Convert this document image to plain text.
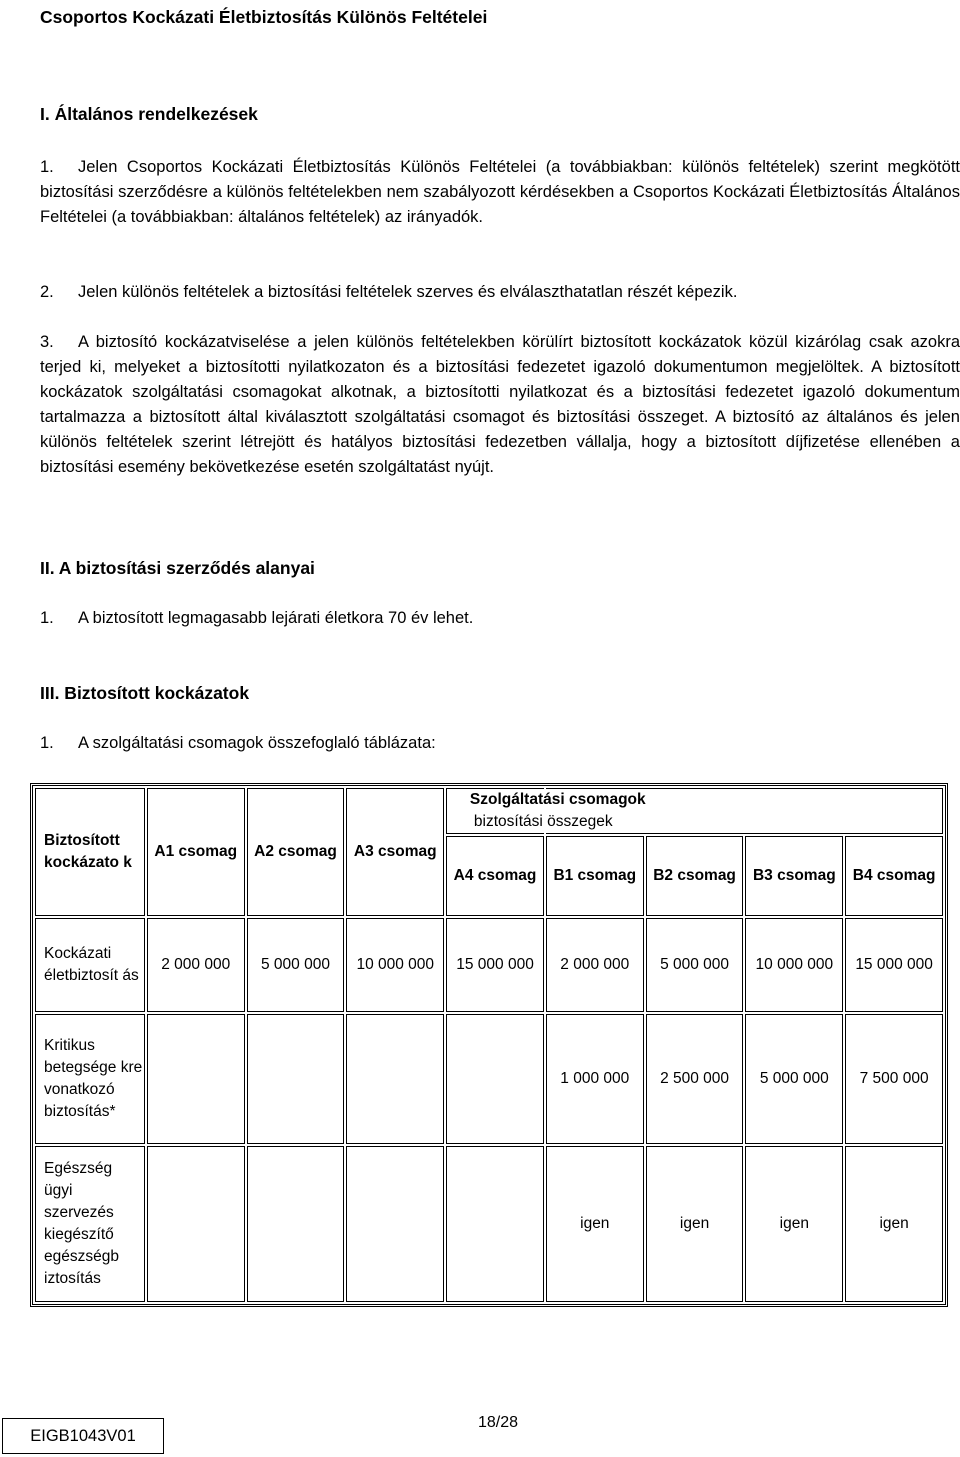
Csoportos Kockázati Életbiztosítás Különös Feltételei
I. Általános rendelkezések

1. Jelen Csoportos Kockázati Életbiztosítás Különös Feltételei (a továbbiakban: különös feltételek) szerint megkötött biztosítási szerződésre a különös feltételekben nem szabályozott kérdésekben a Csoportos Kockázati Életbiztosítás Általános Feltételei (a továbbiakban: általános feltételek) az irányadók.

2. Jelen különös feltételek a biztosítási feltételek szerves és elválaszthatatlan részét képezik.

3. A biztosító kockázatviselése a jelen különös feltételekben körülírt biztosított kockázatok közül kizárólag csak azokra terjed ki, melyeket a biztosítotti nyilatkozaton és a biztosítási fedezetet igazoló dokumentumon megjelöltek. A biztosított kockázatok szolgáltatási csomagokat alkotnak, a biztosítotti nyilatkozat és a biztosítási fedezetet igazoló dokumentum tartalmazza a biztosított által kiválasztott szolgáltatási csomagot és biztosítási összeget. A biztosító az általános és jelen különös feltételek szerint létrejött és hatályos biztosítási fedezetben vállalja, hogy a biztosított díjfizetése ellenében a biztosítási esemény bekövetkezése esetén szolgáltatást nyújt.

II. A biztosítási szerződés alanyai

1. A biztosított legmagasabb lejárati életkora 70 év lehet.

III. Biztosított kockázatok

1. A szolgáltatási csomagok összefoglaló táblázata:

Biztosított kockázato k	A1 csomag	A2 csomag	A3 csomag		Szolgáltatási csomagok
biztosítási összegek			

				A4 csomag	B1 csomag	B2 csomag	B3 csomag	B4 csomag
Kockázati életbiztosít ás	2 000 000	5 000 000	10 000 000	15 000 000	2 000 000	5 000 000	10 000 000	15 000 000
Kritikus betegsége kre vonatkozó biztosítás*					1 000 000	2 500 000	5 000 000	7 500 000
Egészség ügyi szervezés kiegészítő egészségb iztosítás					igen	igen	igen	igen
EIGB1043V01
18/28
